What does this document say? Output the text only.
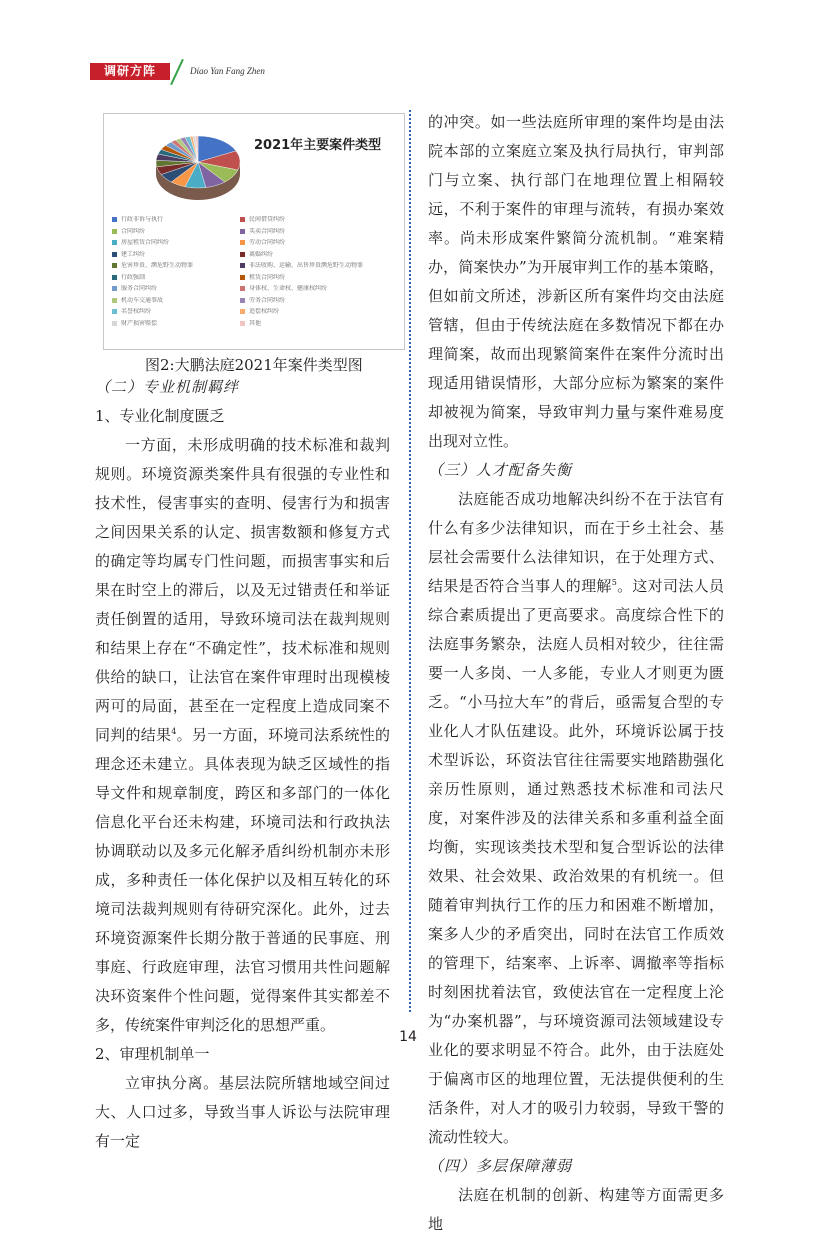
调研方阵	Diao Yan Fang Zhen
2021年主要案件类型
行政非诉与执行	民间借贷纠纷
合同纠纷	买卖合同纠纷
房屋租赁合同纠纷	劳动合同纠纷
建工纠纷	离婚纠纷
危害珍贵、濒危野生动物罪	非法收购、运输、出售珍贵濒危野生动物罪
行政强制	租赁合同纠纷
服务合同纠纷	身体权、生命权、健康权纠纷
机动车交通事故	劳务合同纠纷
名誉权纠纷	追偿权纠纷
财产损害赔偿	其他
图2:大鹏法庭2021年案件类型图

（二）专业机制羁绊

1、专业化制度匮乏

一方面，未形成明确的技术标准和裁判规则。环境资源类案件具有很强的专业性和技术性，侵害事实的查明、侵害行为和损害之间因果关系的认定、损害数额和修复方式的确定等均属专门性问题，而损害事实和后果在时空上的滞后，以及无过错责任和举证责任倒置的适用，导致环境司法在裁判规则和结果上存在“不确定性”，技术标准和规则供给的缺口，让法官在案件审理时出现模棱两可的局面，甚至在一定程度上造成同案不同判的结果$^4$。另一方面，环境司法系统性的理念还未建立。具体表现为缺乏区域性的指导文件和规章制度，跨区和多部门的一体化信息化平台还未构建，环境司法和行政执法协调联动以及多元化解矛盾纠纷机制亦未形成，多种责任一体化保护以及相互转化的环境司法裁判规则有待研究深化。此外，过去环境资源案件长期分散于普通的民事庭、刑事庭、行政庭审理，法官习惯用共性问题解决环资案件个性问题，觉得案件其实都差不多，传统案件审判泛化的思想严重。

2、审理机制单一

立审执分离。基层法院所辖地域空间过大、人口过多，导致当事人诉讼与法院审理有一定

的冲突。如一些法庭所审理的案件均是由法院本部的立案庭立案及执行局执行，审判部门与立案、执行部门在地理位置上相隔较远，不利于案件的审理与流转，有损办案效率。尚未形成案件繁简分流机制。“难案精办，简案快办”为开展审判工作的基本策略，但如前文所述，涉新区所有案件均交由法庭管辖，但由于传统法庭在多数情况下都在办理简案，故而出现繁简案件在案件分流时出现适用错误情形，大部分应标为繁案的案件却被视为简案，导致审判力量与案件难易度出现对立性。

（三）人才配备失衡

法庭能否成功地解决纠纷不在于法官有什么有多少法律知识，而在于乡土社会、基层社会需要什么法律知识，在于处理方式、结果是否符合当事人的理解$^5$。这对司法人员综合素质提出了更高要求。高度综合性下的法庭事务繁杂，法庭人员相对较少，往往需要一人多岗、一人多能，专业人才则更为匮乏。“小马拉大车”的背后，亟需复合型的专业化人才队伍建设。此外，环境诉讼属于技术型诉讼，环资法官往往需要实地踏勘强化亲历性原则，通过熟悉技术标准和司法尺度，对案件涉及的法律关系和多重利益全面均衡，实现该类技术型和复合型诉讼的法律效果、社会效果、政治效果的有机统一。但随着审判执行工作的压力和困难不断增加，案多人少的矛盾突出，同时在法官工作质效的管理下，结案率、上诉率、调撤率等指标时刻困扰着法官，致使法官在一定程度上沦为“办案机器”，与环境资源司法领域建设专业化的要求明显不符合。此外，由于法庭处于偏离市区的地理位置，无法提供便利的生活条件，对人才的吸引力较弱，导致干警的流动性较大。

（四）多层保障薄弱

法庭在机制的创新、构建等方面需更多地

14
